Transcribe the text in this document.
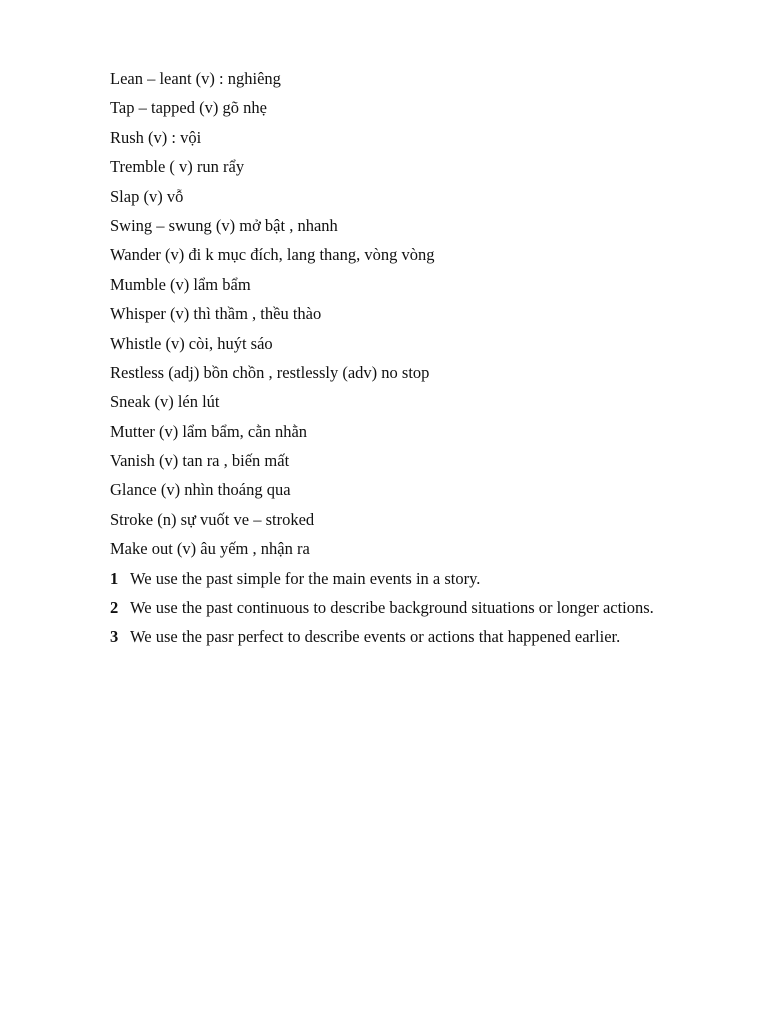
Lean – leant (v) : nghiêng
Tap – tapped (v) gõ nhẹ
Rush (v) : vội
Tremble ( v) run rẩy
Slap (v) vỗ
Swing – swung (v) mở bật , nhanh
Wander (v) đi k mục đích, lang thang, vòng vòng
Mumble (v) lẩm bẩm
Whisper (v) thì thầm , thều thào
Whistle (v) còi, huýt sáo
Restless (adj) bồn chồn , restlessly (adv) no stop
Sneak (v) lén lút
Mutter (v) lẩm bẩm, cằn nhằn
Vanish (v) tan ra , biến mất
Glance (v) nhìn thoáng qua
Stroke (n) sự vuốt ve – stroked
Make out (v) âu yếm , nhận ra
1 We use the past simple for the main events in a story.
2 We use the past continuous to describe background situations or longer actions.
3 We use the pasr perfect to describe events or actions that happened earlier.
